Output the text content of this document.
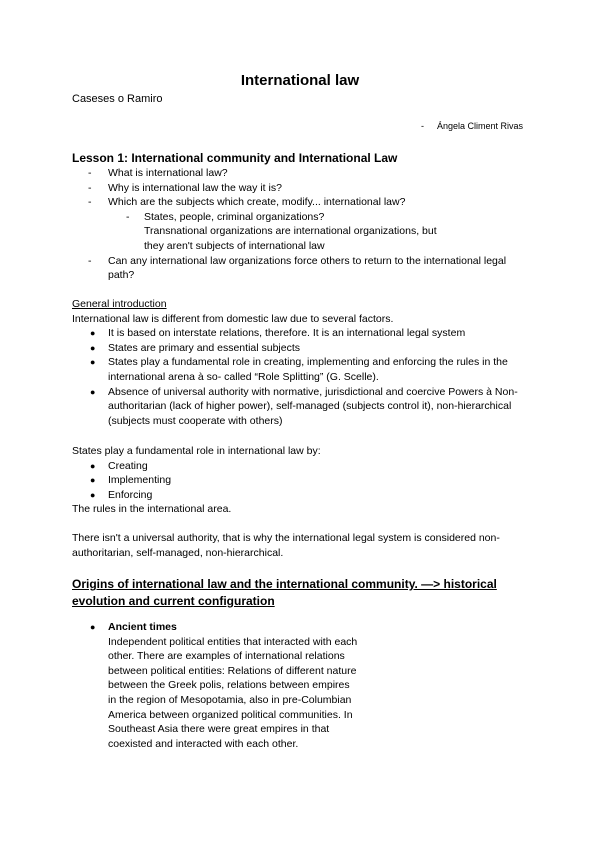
International law
Caseses o Ramiro
- Ángela Climent Rivas
Lesson 1: International community and International Law
- What is international law?
- Why is international law the way it is?
- Which are the subjects which create, modify... international law?
- States, people, criminal organizations?
Transnational organizations are international organizations, but they aren't subjects of international law
- Can any international law organizations force others to return to the international legal path?
General introduction
International law is different from domestic law due to several factors.
● It is based on interstate relations, therefore. It is an international legal system
● States are primary and essential subjects
● States play a fundamental role in creating, implementing and enforcing the rules in the international arena à so- called “Role Splitting” (G. Scelle).
● Absence of universal authority with normative, jurisdictional and coercive Powers à Non-authoritarian (lack of higher power), self-managed (subjects control it), non-hierarchical (subjects must cooperate with others)
States play a fundamental role in international law by:
● Creating
● Implementing
● Enforcing
The rules in the international area.
There isn't a universal authority, that is why the international legal system is considered non-authoritarian, self-managed, non-hierarchical.
Origins of international law and the international community. —> historical evolution and current configuration
● Ancient times
Independent political entities that interacted with each other. There are examples of international relations between political entities: Relations of different nature between the Greek polis, relations between empires in the region of Mesopotamia, also in pre-Columbian America between organized political communities. In Southeast Asia there were great empires in that coexisted and interacted with each other.
